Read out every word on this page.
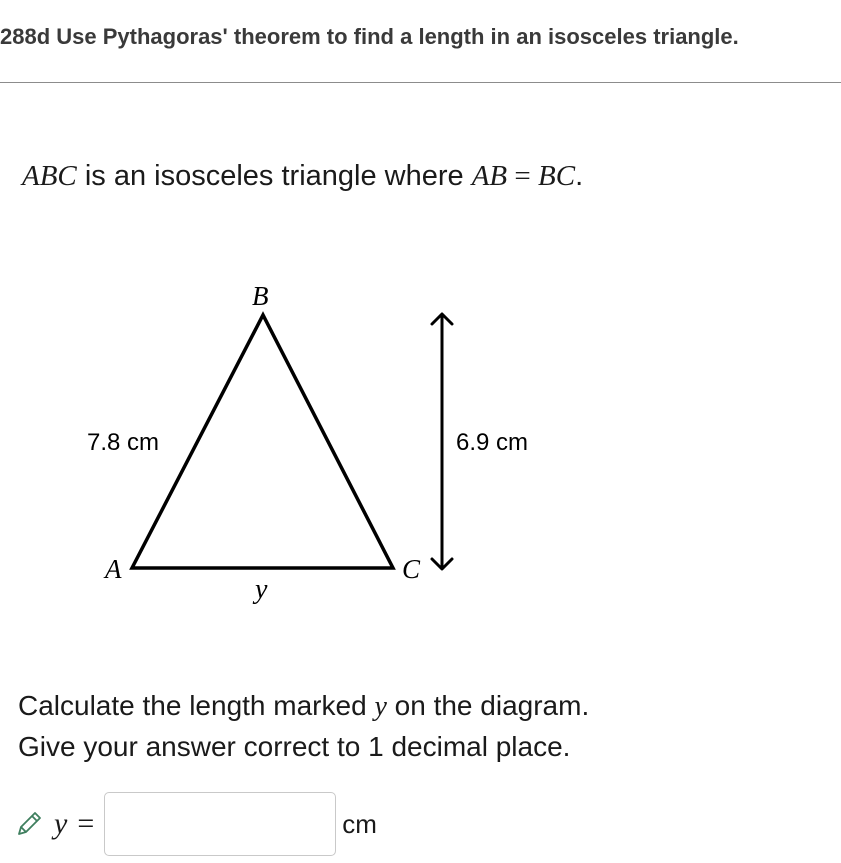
288d Use Pythagoras' theorem to find a length in an isosceles triangle.
ABC is an isosceles triangle where AB = BC.
B
A	C
7.8 cm	6.9 cm
y
Calculate the length marked y on the diagram.
Give your answer correct to 1 decimal place.
y =	cm
